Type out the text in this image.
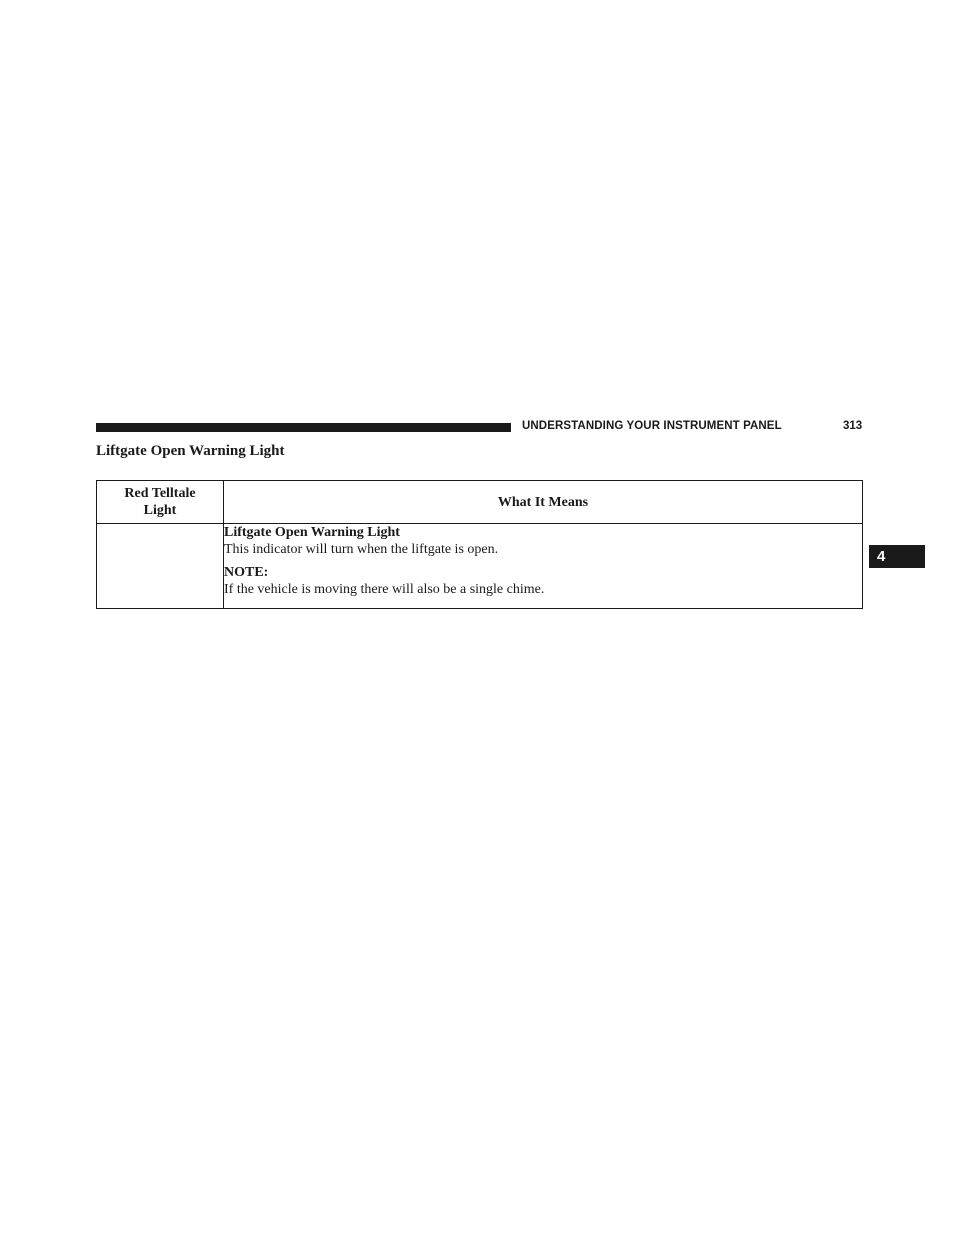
UNDERSTANDING YOUR INSTRUMENT PANEL	313
4
Liftgate Open Warning Light
Red Telltale Light	What It Means

	Liftgate Open Warning Light
This indicator will turn when the liftgate is open.
NOTE:
If the vehicle is moving there will also be a single chime.
